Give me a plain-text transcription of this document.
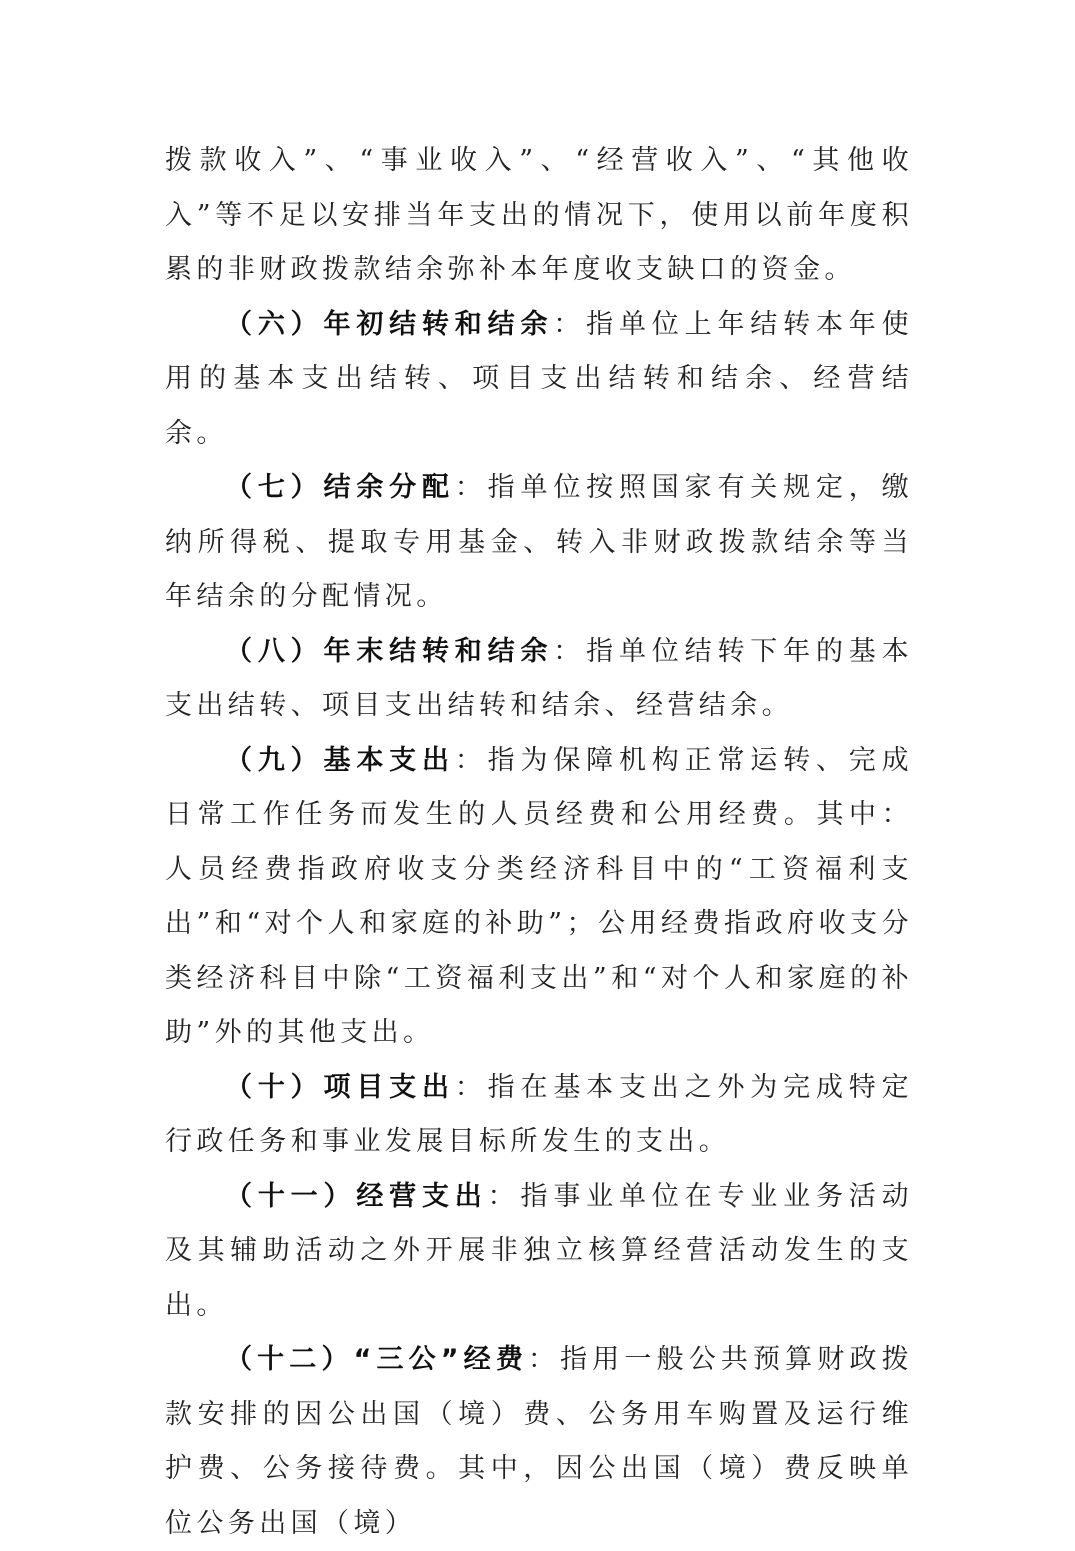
拨款收入”、“事业收入”、“经营收入”、“其他收入”等不足以安排当年支出的情况下，使用以前年度积累的非财政拨款结余弥补本年度收支缺口的资金。

（六）年初结转和结余：指单位上年结转本年使用的基本支出结转、项目支出结转和结余、经营结余。

（七）结余分配：指单位按照国家有关规定，缴纳所得税、提取专用基金、转入非财政拨款结余等当年结余的分配情况。

（八）年末结转和结余：指单位结转下年的基本支出结转、项目支出结转和结余、经营结余。

（九）基本支出：指为保障机构正常运转、完成日常工作任务而发生的人员经费和公用经费。其中：人员经费指政府收支分类经济科目中的“工资福利支出”和“对个人和家庭的补助”；公用经费指政府收支分类经济科目中除“工资福利支出”和“对个人和家庭的补助”外的其他支出。

（十）项目支出：指在基本支出之外为完成特定行政任务和事业发展目标所发生的支出。

（十一）经营支出：指事业单位在专业业务活动及其辅助活动之外开展非独立核算经营活动发生的支出。

（十二）“三公”经费：指用一般公共预算财政拨款安排的因公出国（境）费、公务用车购置及运行维护费、公务接待费。其中，因公出国（境）费反映单位公务出国（境）
